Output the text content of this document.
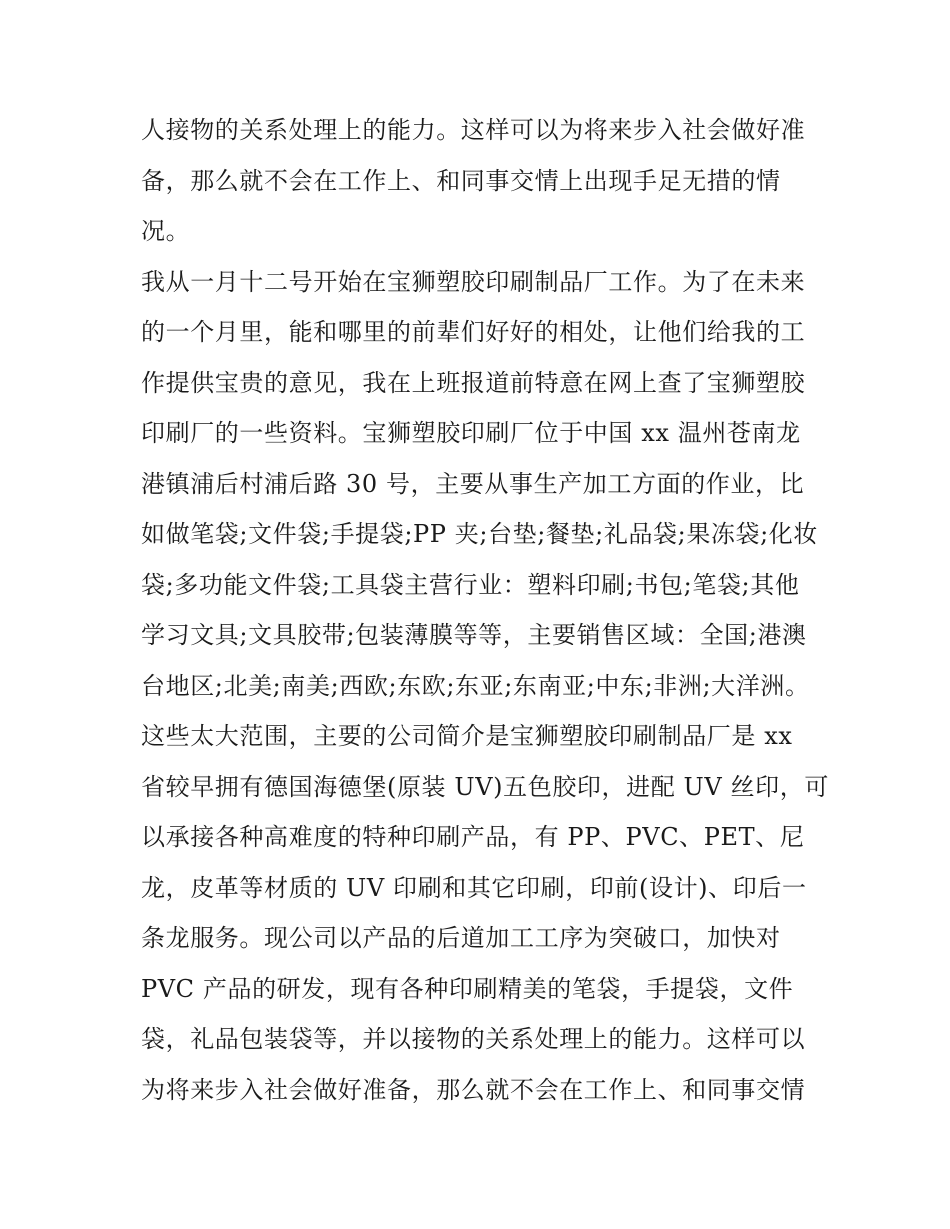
人接物的关系处理上的能力。这样可以为将来步入社会做好准
备，那么就不会在工作上、和同事交情上出现手足无措的情
况。
我从一月十二号开始在宝狮塑胶印刷制品厂工作。为了在未来
的一个月里，能和哪里的前辈们好好的相处，让他们给我的工
作提供宝贵的意见，我在上班报道前特意在网上查了宝狮塑胶
印刷厂的一些资料。宝狮塑胶印刷厂位于中国 xx 温州苍南龙
港镇浦后村浦后路 30 号，主要从事生产加工方面的作业，比
如做笔袋;文件袋;手提袋;PP 夹;台垫;餐垫;礼品袋;果冻袋;化妆
袋;多功能文件袋;工具袋主营行业：塑料印刷;书包;笔袋;其他
学习文具;文具胶带;包装薄膜等等，主要销售区域：全国;港澳
台地区;北美;南美;西欧;东欧;东亚;东南亚;中东;非洲;大洋洲。
这些太大范围，主要的公司简介是宝狮塑胶印刷制品厂是 xx
省较早拥有德国海德堡(原装 UV)五色胶印，进配 UV 丝印，可
以承接各种高难度的特种印刷产品，有 PP、PVC、PET、尼
龙，皮革等材质的 UV 印刷和其它印刷，印前(设计)、印后一
条龙服务。现公司以产品的后道加工工序为突破口，加快对
PVC 产品的研发，现有各种印刷精美的笔袋，手提袋，文件
袋，礼品包装袋等，并以接物的关系处理上的能力。这样可以
为将来步入社会做好准备，那么就不会在工作上、和同事交情
